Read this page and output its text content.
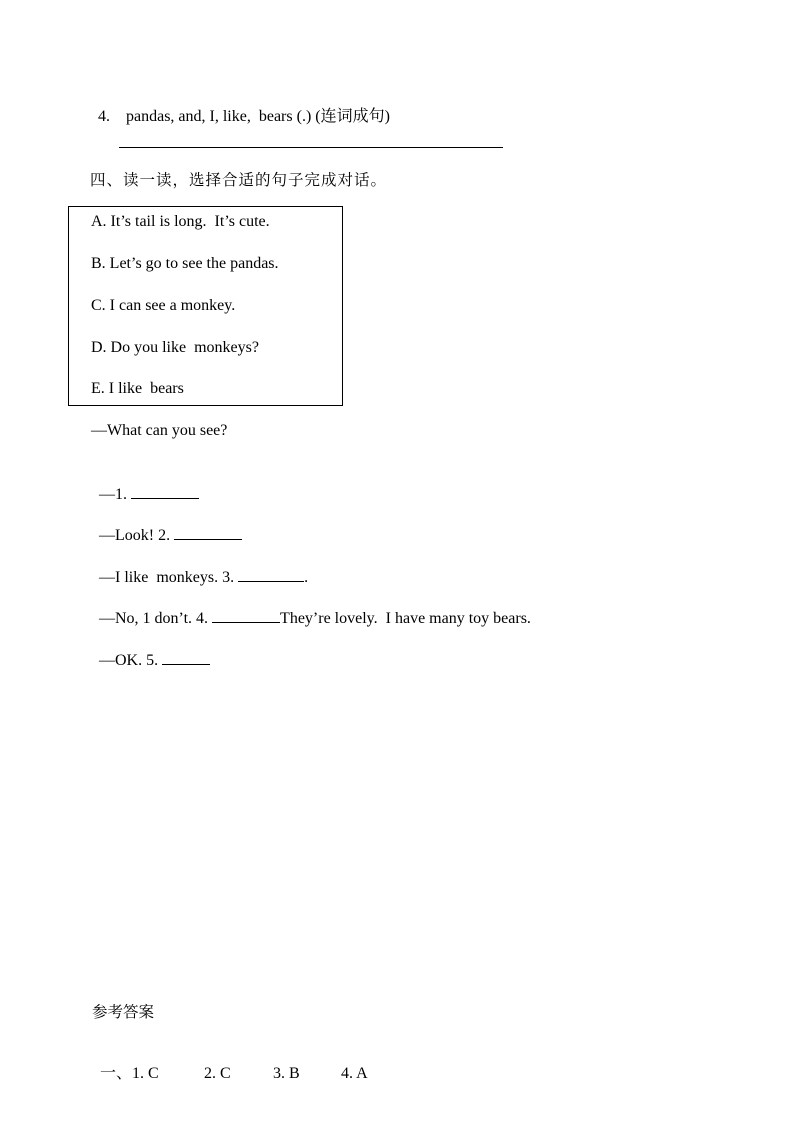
4. pandas, and, I, like,  bears (.) (连词成句)

四、读一读，选择合适的句子完成对话。
A. It’s tail is long.  It’s cute.
B. Let’s go to see the pandas.
C. I can see a monkey.
D. Do you like  monkeys?
E. I like  bears
—What can you see?

—1.

—Look! 2.

—I like  monkeys. 3.	.

—No, 1 don’t. 4.	They’re lovely.  I have many toy bears.

—OK. 5.

参考答案

一、1. C	2. C	3. B	4. A
